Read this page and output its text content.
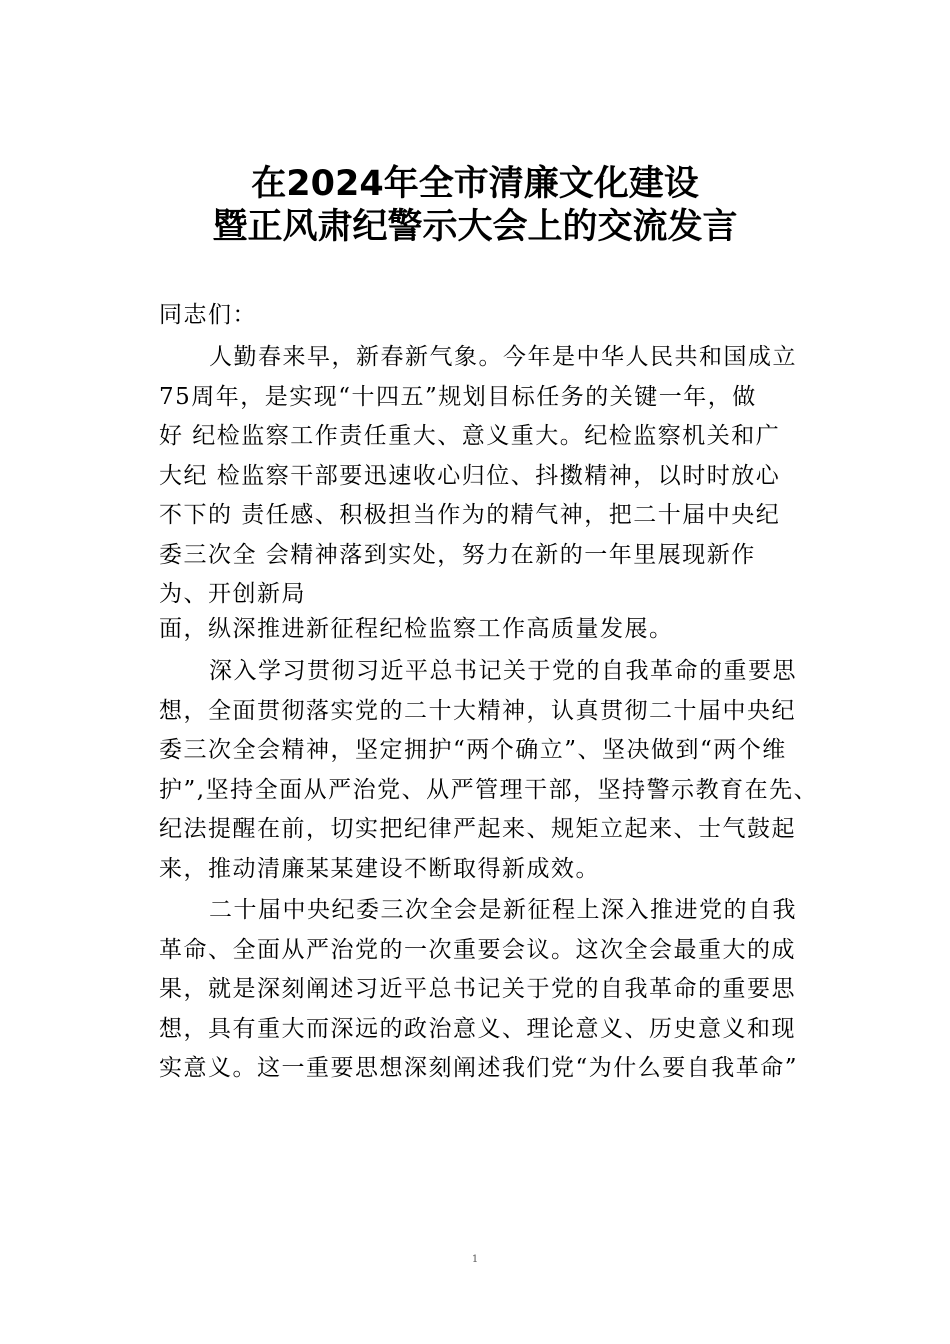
在2024年全市清廉文化建设
暨正风肃纪警示大会上的交流发言
同志们：
人勤春来早，新春新气象。今年是中华人民共和国成立
75周年，是实现“十四五”规划目标任务的关键一年，做
好 纪检监察工作责任重大、意义重大。纪检监察机关和广
大纪 检监察干部要迅速收心归位、抖擞精神，以时时放心
不下的 责任感、积极担当作为的精气神，把二十届中央纪
委三次全 会精神落到实处，努力在新的一年里展现新作
为、开创新局
面，纵深推进新征程纪检监察工作高质量发展。
深入学习贯彻习近平总书记关于党的自我革命的重要思
想，全面贯彻落实党的二十大精神，认真贯彻二十届中央纪
委三次全会精神，坚定拥护“两个确立”、坚决做到“两个维
护”,坚持全面从严治党、从严管理干部，坚持警示教育在先、
纪法提醒在前，切实把纪律严起来、规矩立起来、士气鼓起
来，推动清廉某某建设不断取得新成效。
二十届中央纪委三次全会是新征程上深入推进党的自我
革命、全面从严治党的一次重要会议。这次全会最重大的成
果，就是深刻阐述习近平总书记关于党的自我革命的重要思
想，具有重大而深远的政治意义、理论意义、历史意义和现
实意义。这一重要思想深刻阐述我们党“为什么要自我革命”
1
